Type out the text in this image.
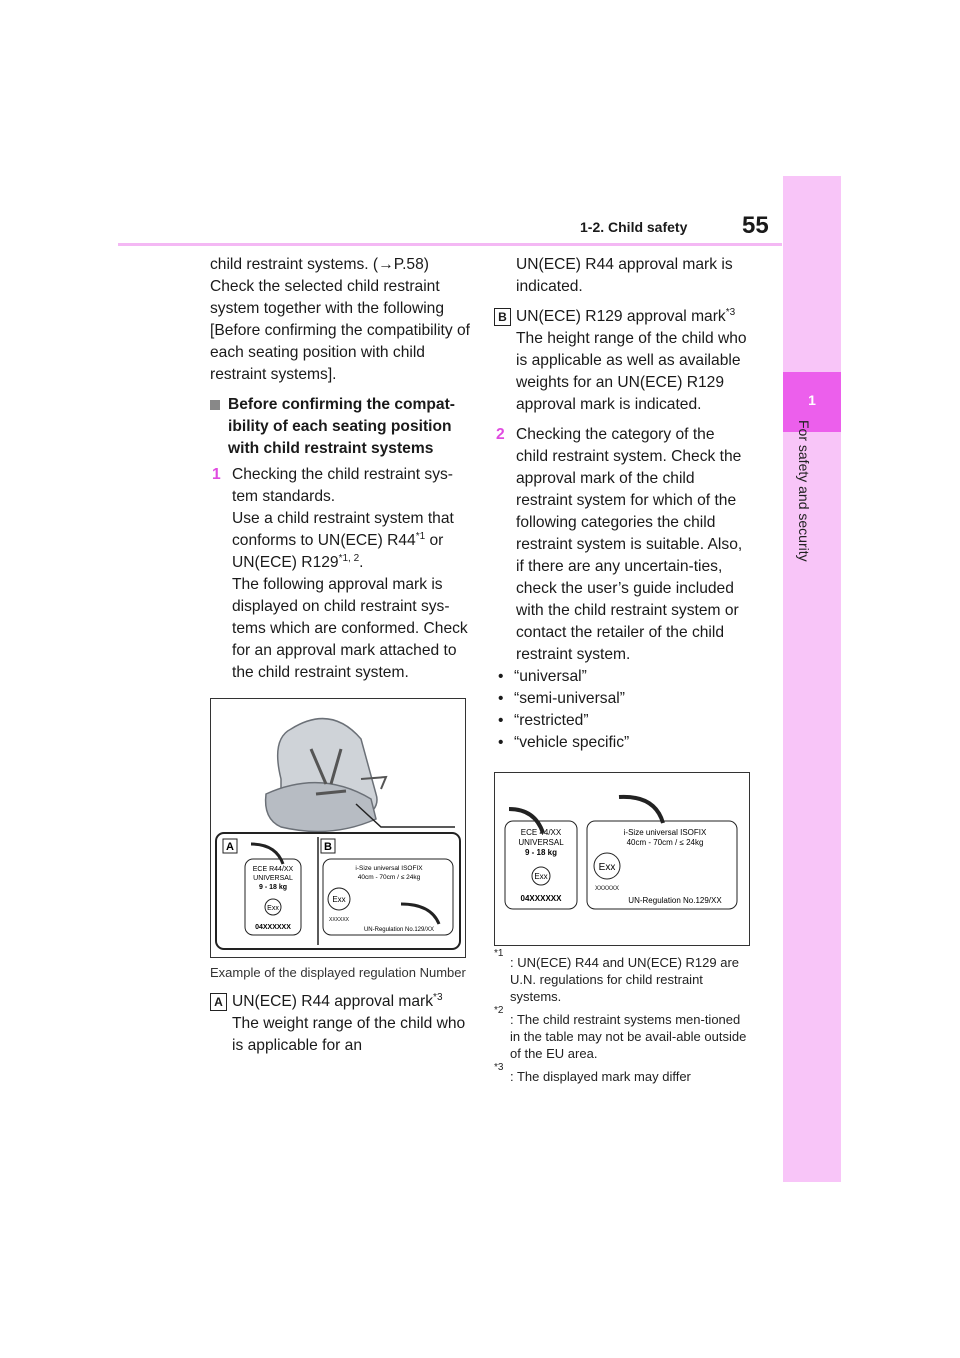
1
For safety and security
1-2. Child safety 55

child restraint systems. (→P.58) Check the selected child restraint system together with the following [Before confirming the compatibility of each seating position with child restraint systems].

Before confirming the compat-ibility of each seating position with child restraint systems
1 Checking the child restraint sys-tem standards.

Use a child restraint system that conforms to UN(ECE) R44$^{*1}$ or UN(ECE) R129$^{*1, 2}$.

The following approval mark is displayed on child restraint sys-tems which are conformed. Check for an approval mark attached to the child restraint system.

A	B
ECE R44/XX
UNIVERSAL
9 - 18 kg
Exx
04XXXXXX
i-Size universal ISOFIX
40cm - 70cm / ≤ 24kg
Exx
XXXXXX
UN-Regulation No.129/XX

Example of the displayed regulation Number

A UN(ECE) R44 approval mark$^{*3}$

The weight range of the child who is applicable for an

UN(ECE) R44 approval mark is indicated.

B UN(ECE) R129 approval mark$^{*3}$

The height range of the child who is applicable as well as available weights for an UN(ECE) R129 approval mark is indicated.

2 Checking the category of the child restraint system. Check the approval mark of the child restraint system for which of the following categories the child restraint system is suitable. Also, if there are any uncertain-ties, check the user’s guide included with the child restraint system or contact the retailer of the child restraint system.

• “universal”
• “semi-universal”
• “restricted”
• “vehicle specific”
ECE 44/XX
UNIVERSAL
9 - 18 kg
Exx
04XXXXXX
i-Size universal ISOFIX
40cm - 70cm / ≤ 24kg
Exx
XXXXXX
UN-Regulation No.129/XX

*1
: UN(ECE) R44 and UN(ECE) R129 are U.N. regulations for child restraint systems.

*2
: The child restraint systems men-tioned in the table may not be avail-able outside of the EU area.

*3
: The displayed mark may differ
